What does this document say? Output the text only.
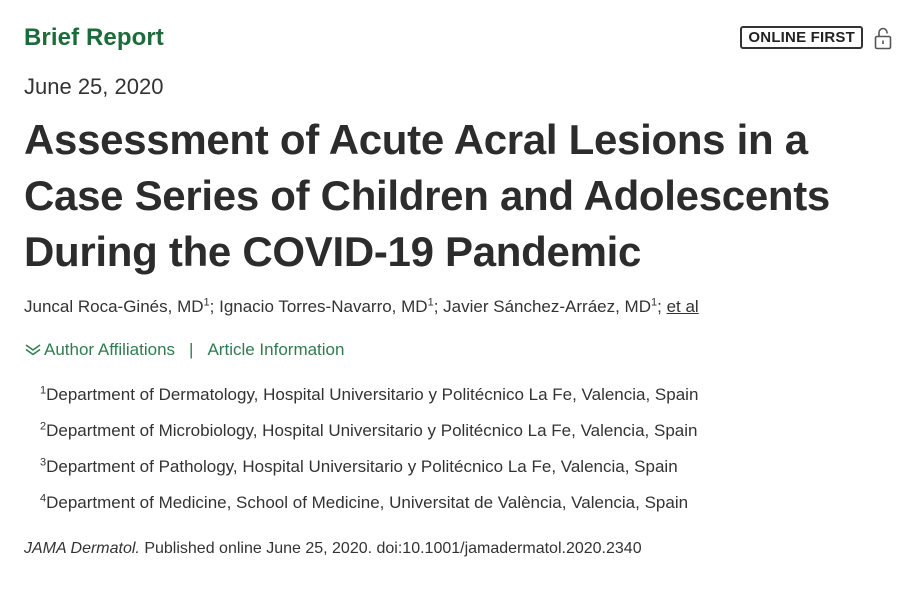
Brief Report	ONLINE FIRST
June 25, 2020
Assessment of Acute Acral Lesions in a Case Series of Children and Adolescents During the COVID-19 Pandemic
Juncal Roca-Ginés, $MD^1$; Ignacio Torres-Navarro, $MD^1$; Javier Sánchez-Arráez, $MD^1$; et al
Author Affiliations | Article Information
$^1$Department of Dermatology, Hospital Universitario y Politécnico La Fe, Valencia, Spain
$^2$Department of Microbiology, Hospital Universitario y Politécnico La Fe, Valencia, Spain
$^3$Department of Pathology, Hospital Universitario y Politécnico La Fe, Valencia, Spain
$^4$Department of Medicine, School of Medicine, Universitat de València, Valencia, Spain
JAMA Dermatol. Published online June 25, 2020. doi:10.1001/jamadermatol.2020.2340
